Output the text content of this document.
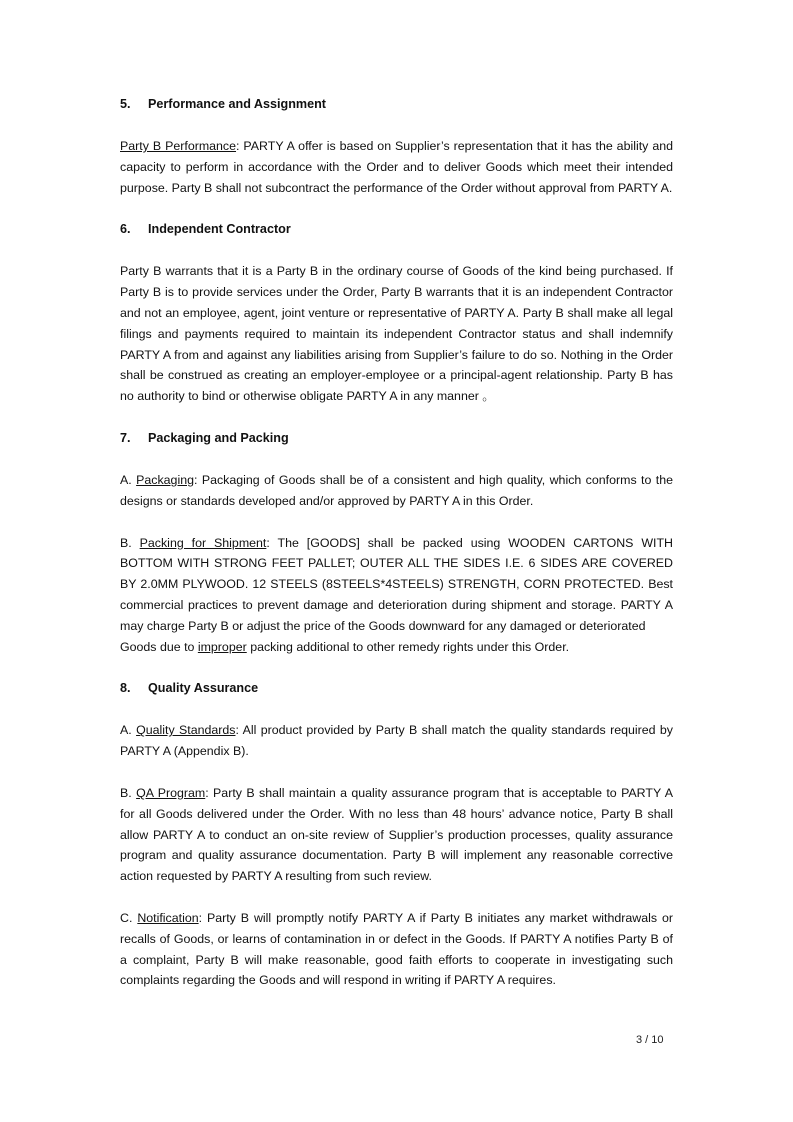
5.	Performance and Assignment

Party B Performance: PARTY A offer is based on Supplier’s representation that it has the ability and capacity to perform in accordance with the Order and to deliver Goods which meet their intended purpose. Party B shall not subcontract the performance of the Order without approval from PARTY A.

6.	Independent Contractor

Party B warrants that it is a Party B in the ordinary course of Goods of the kind being purchased. If Party B is to provide services under the Order, Party B warrants that it is an independent Contractor and not an employee, agent, joint venture or representative of PARTY A. Party B shall make all legal filings and payments required to maintain its independent Contractor status and shall indemnify PARTY A from and against any liabilities arising from Supplier’s failure to do so. Nothing in the Order shall be construed as creating an employer-employee or a principal-agent relationship. Party B has no authority to bind or otherwise obligate PARTY A in any manner 。

7.	Packaging and Packing

A. Packaging: Packaging of Goods shall be of a consistent and high quality, which conforms to the designs or standards developed and/or approved by PARTY A in this Order.

B. Packing for Shipment: The [GOODS] shall be packed using WOODEN CARTONS WITH BOTTOM WITH STRONG FEET PALLET; OUTER ALL THE SIDES I.E. 6 SIDES ARE COVERED BY 2.0MM PLYWOOD. 12 STEELS (8STEELS*4STEELS) STRENGTH, CORN PROTECTED. Best commercial practices to prevent damage and deterioration during shipment and storage. PARTY A may charge Party B or adjust the price of the Goods downward for any damaged or deteriorated

Goods due to improper packing additional to other remedy rights under this Order.

8.	Quality Assurance

A. Quality Standards: All product provided by Party B shall match the quality standards required by PARTY A (Appendix B).

B. QA Program: Party B shall maintain a quality assurance program that is acceptable to PARTY A for all Goods delivered under the Order. With no less than 48 hours’ advance notice, Party B shall allow PARTY A to conduct an on-site review of Supplier’s production processes, quality assurance program and quality assurance documentation. Party B will implement any reasonable corrective action requested by PARTY A resulting from such review.

C. Notification: Party B will promptly notify PARTY A if Party B initiates any market withdrawals or recalls of Goods, or learns of contamination in or defect in the Goods. If PARTY A notifies Party B of a complaint, Party B will make reasonable, good faith efforts to cooperate in investigating such complaints regarding the Goods and will respond in writing if PARTY A requires.

3 / 10
